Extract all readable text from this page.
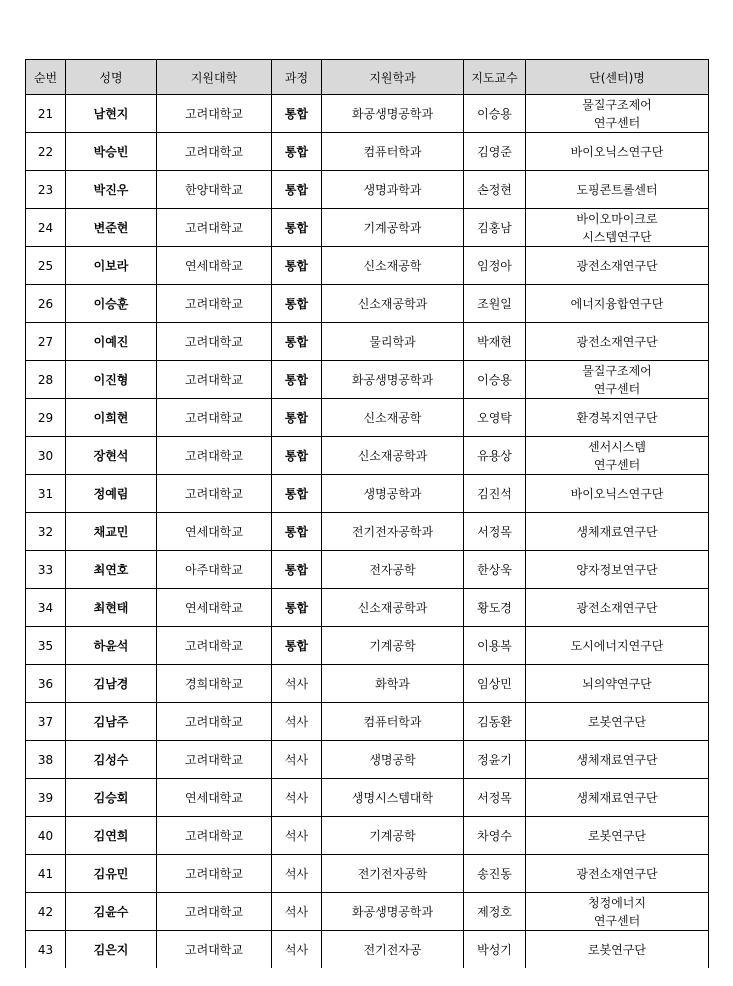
순번	성명	지원대학	과정	지원학과	지도교수	단(센터)명
21	남현지	고려대학교	통합	화공생명공학과	이승용	물질구조제어
연구센터
22	박승빈	고려대학교	통합	컴퓨터학과	김영준	바이오닉스연구단
23	박진우	한양대학교	통합	생명과학과	손정현	도핑콘트롤센터
24	변준현	고려대학교	통합	기계공학과	김홍남	바이오마이크로
시스템연구단
25	이보라	연세대학교	통합	신소재공학	임정아	광전소재연구단
26	이승훈	고려대학교	통합	신소재공학과	조원일	에너지융합연구단
27	이예진	고려대학교	통합	물리학과	박재현	광전소재연구단
28	이진형	고려대학교	통합	화공생명공학과	이승용	물질구조제어
연구센터
29	이희현	고려대학교	통합	신소재공학	오영탁	환경복지연구단
30	장현석	고려대학교	통합	신소재공학과	유용상	센서시스템
연구센터
31	정예림	고려대학교	통합	생명공학과	김진석	바이오닉스연구단
32	채교민	연세대학교	통합	전기전자공학과	서정목	생체재료연구단
33	최연호	아주대학교	통합	전자공학	한상욱	양자정보연구단
34	최현태	연세대학교	통합	신소재공학과	황도경	광전소재연구단
35	하윤석	고려대학교	통합	기계공학	이용복	도시에너지연구단
36	김남경	경희대학교	석사	화학과	임상민	뇌의약연구단
37	김남주	고려대학교	석사	컴퓨터학과	김동환	로봇연구단
38	김성수	고려대학교	석사	생명공학	정윤기	생체재료연구단
39	김승회	연세대학교	석사	생명시스템대학	서정목	생체재료연구단
40	김연희	고려대학교	석사	기계공학	차영수	로봇연구단
41	김유민	고려대학교	석사	전기전자공학	송진동	광전소재연구단
42	김윤수	고려대학교	석사	화공생명공학과	제정호	청정에너지
연구센터
43	김은지	고려대학교	석사	전기전자공	박성기	로봇연구단
